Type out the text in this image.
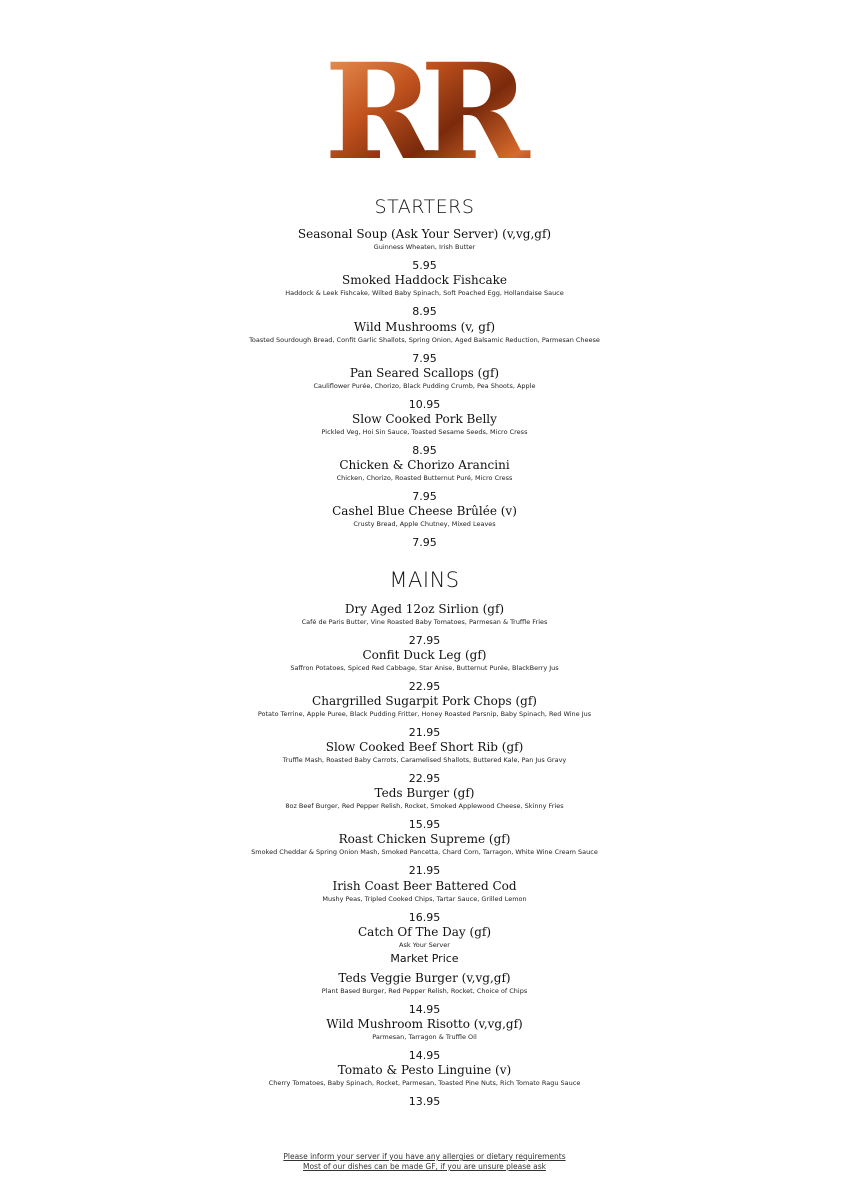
RR
STARTERS
Seasonal Soup (Ask Your Server) (v,vg,gf)
Guinness Wheaten, Irish Butter
5.95
Smoked Haddock Fishcake
Haddock & Leek Fishcake, Wilted Baby Spinach, Soft Poached Egg, Hollandaise Sauce
8.95
Wild Mushrooms (v, gf)
Toasted Sourdough Bread, Confit Garlic Shallots, Spring Onion, Aged Balsamic Reduction, Parmesan Cheese
7.95
Pan Seared Scallops (gf)
Cauliflower Purée, Chorizo, Black Pudding Crumb, Pea Shoots, Apple
10.95
Slow Cooked Pork Belly
Pickled Veg, Hoi Sin Sauce, Toasted Sesame Seeds, Micro Cress
8.95
Chicken & Chorizo Arancini
Chicken, Chorizo, Roasted Butternut Puré, Micro Cress
7.95
Cashel Blue Cheese Brûlée (v)
Crusty Bread, Apple Chutney, Mixed Leaves
7.95
MAINS
Dry Aged 12oz Sirlion (gf)
Café de Paris Butter, Vine Roasted Baby Tomatoes, Parmesan & Truffle Fries
27.95
Confit Duck Leg (gf)
Saffron Potatoes, Spiced Red Cabbage, Star Anise, Butternut Purée, BlackBerry Jus
22.95
Chargrilled Sugarpit Pork Chops (gf)
Potato Terrine, Apple Puree, Black Pudding Fritter, Honey Roasted Parsnip, Baby Spinach, Red Wine Jus
21.95
Slow Cooked Beef Short Rib (gf)
Truffle Mash, Roasted Baby Carrots, Caramelised Shallots, Buttered Kale, Pan Jus Gravy
22.95
Teds Burger (gf)
8oz Beef Burger, Red Pepper Relish, Rocket, Smoked Applewood Cheese, Skinny Fries
15.95
Roast Chicken Supreme (gf)
Smoked Cheddar & Spring Onion Mash, Smoked Pancetta, Chard Corn, Tarragon, White Wine Cream Sauce
21.95
Irish Coast Beer Battered Cod
Mushy Peas, Tripled Cooked Chips, Tartar Sauce, Grilled Lemon
16.95
Catch Of The Day (gf)
Ask Your Server
Market Price
Teds Veggie Burger (v,vg,gf)
Plant Based Burger, Red Pepper Relish, Rocket, Choice of Chips
14.95
Wild Mushroom Risotto (v,vg,gf)
Parmesan, Tarragon & Truffle Oil
14.95
Tomato & Pesto Linguine (v)
Cherry Tomatoes, Baby Spinach, Rocket, Parmesan, Toasted Pine Nuts, Rich Tomato Ragu Sauce
13.95
Please inform your server if you have any allergies or dietary requirements
Most of our dishes can be made GF, if you are unsure please ask
